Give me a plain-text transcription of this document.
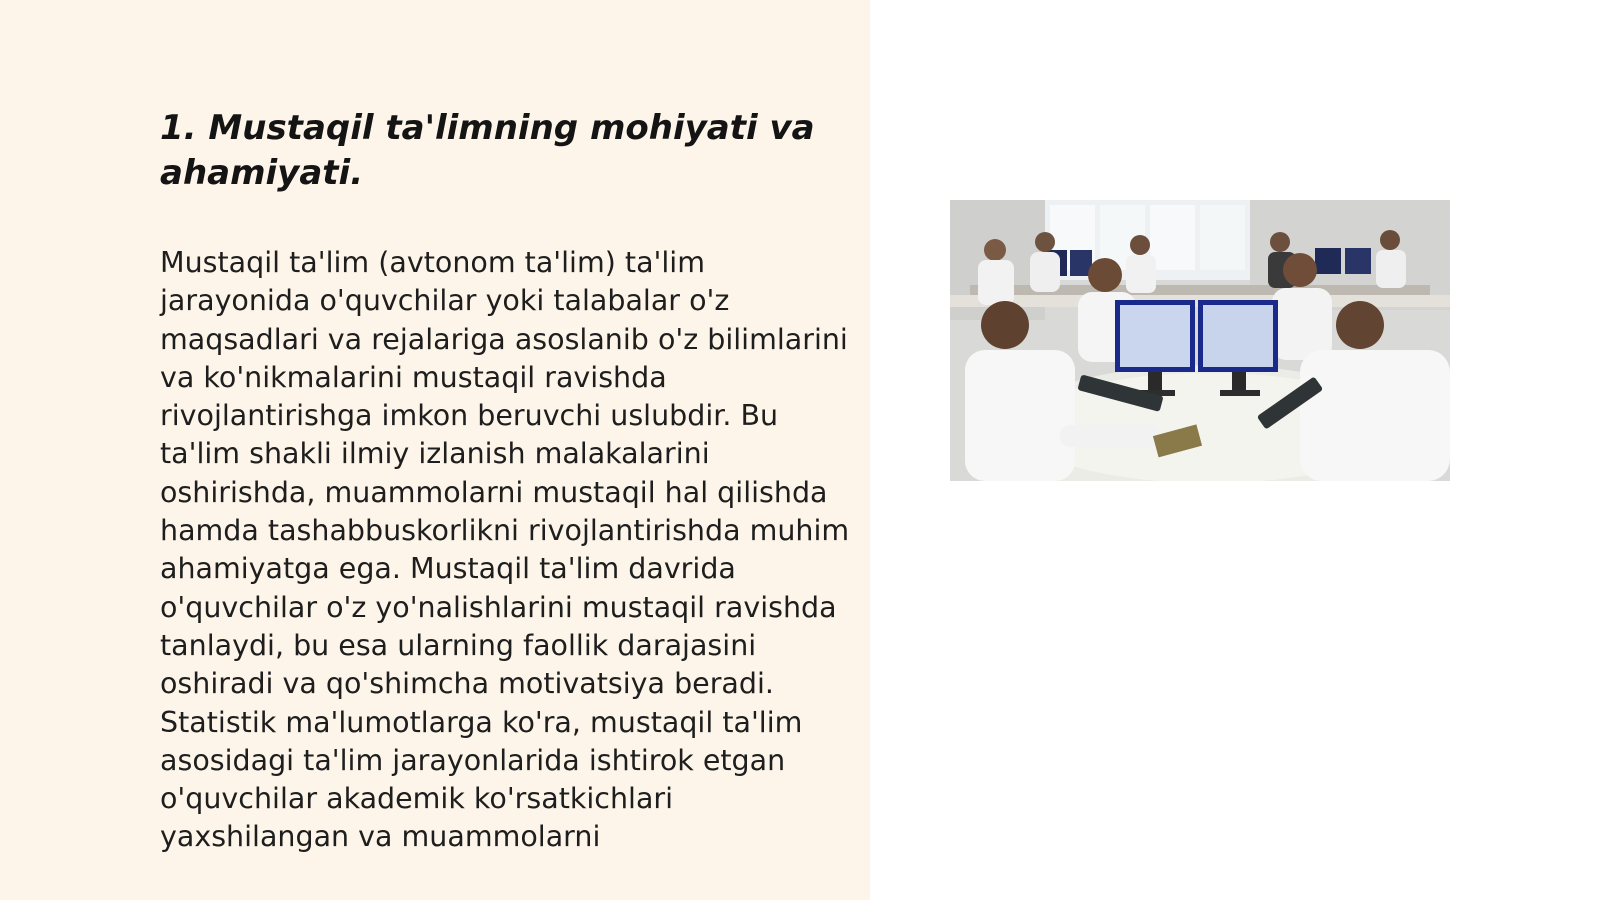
1. Mustaqil ta'limning mohiyati va ahamiyati.

Mustaqil ta'lim (avtonom ta'lim) ta'lim jarayonida o'quvchilar yoki talabalar o'z maqsadlari va rejalariga asoslanib o'z bilimlarini va ko'nikmalarini mustaqil ravishda rivojlantirishga imkon beruvchi uslubdir. Bu ta'lim shakli ilmiy izlanish malakalarini oshirishda, muammolarni mustaqil hal qilishda hamda tashabbuskorlikni rivojlantirishda muhim ahamiyatga ega. Mustaqil ta'lim davrida o'quvchilar o'z yo'nalishlarini mustaqil ravishda tanlaydi, bu esa ularning faollik darajasini oshiradi va qo'shimcha motivatsiya beradi. Statistik ma'lumotlarga ko'ra, mustaqil ta'lim asosidagi ta'lim jarayonlarida ishtirok etgan o'quvchilar akademik ko'rsatkichlari yaxshilangan va muammolarni
